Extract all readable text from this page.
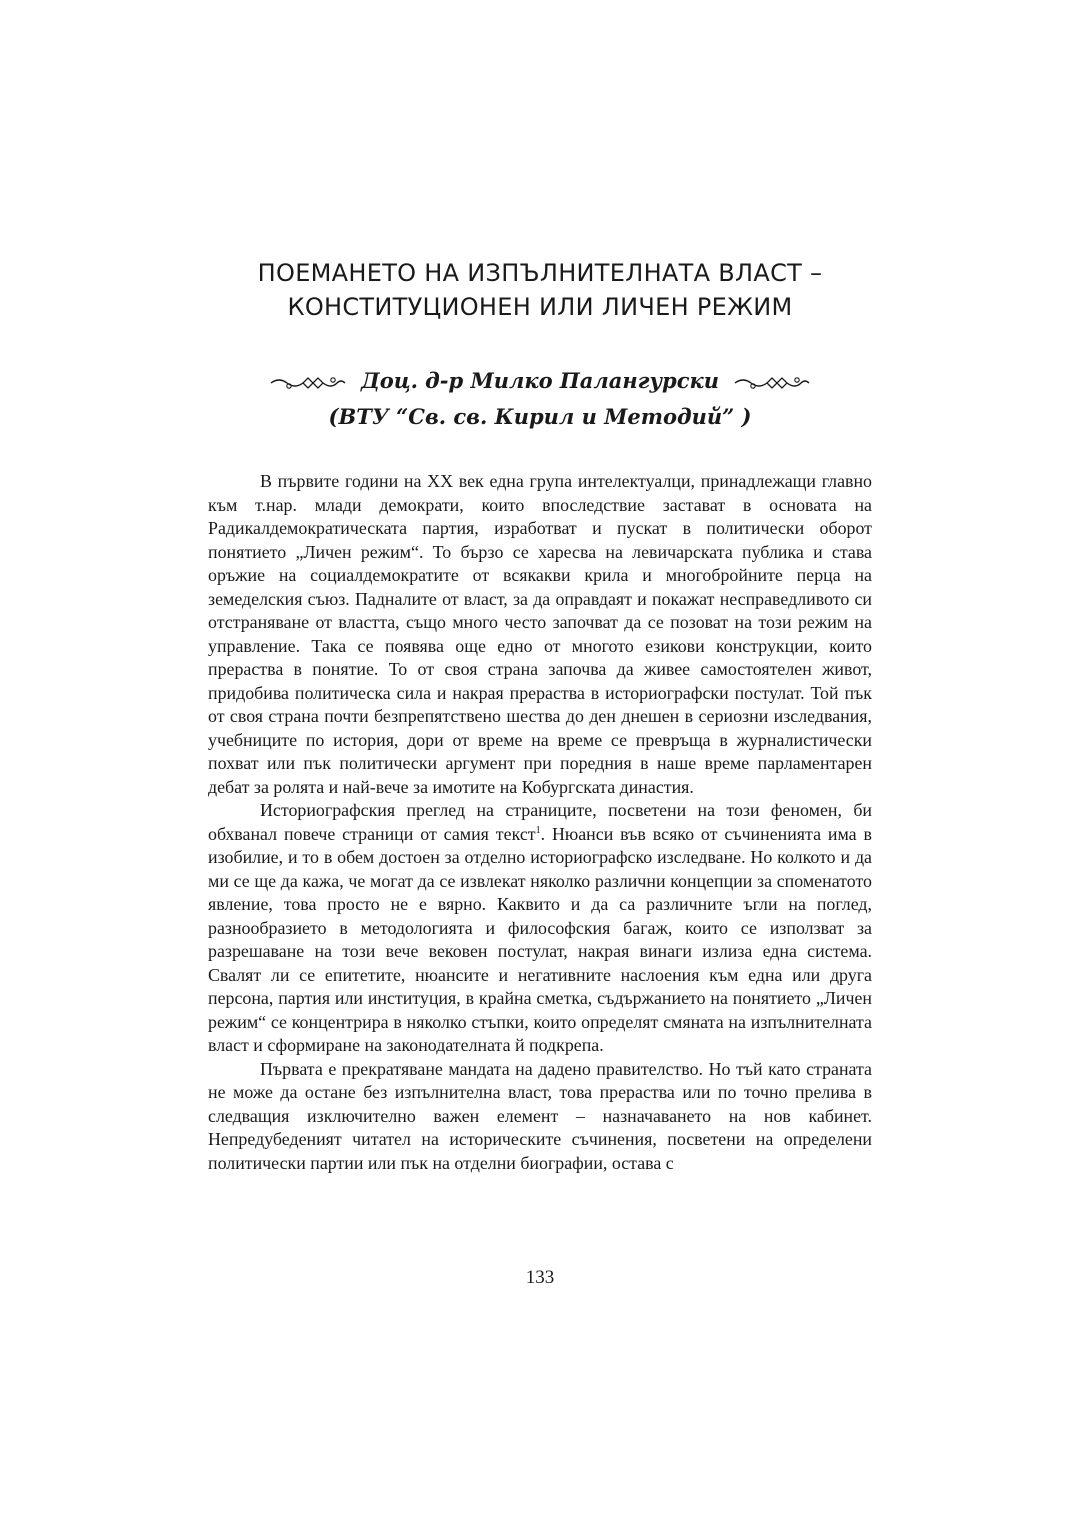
ПОЕМАНЕТО НА ИЗПЪЛНИТЕЛНАТА ВЛАСТ –
КОНСТИТУЦИОНЕН ИЛИ ЛИЧЕН РЕЖИМ
Доц. д-р Милко Палангурски
(ВТУ “Св. св. Кирил и Методий” )

В първите години на XX век една група интелектуалци, принадлежащи главно към т.нар. млади демократи, които впоследствие застават в основата на Радикалдемократическата партия, изработват и пускат в политически оборот понятието „Личен режим“. То бързо се харесва на левичарската публика и става оръжие на социалдемократите от всякакви крила и многобройните перца на земеделския съюз. Падналите от власт, за да оправдаят и покажат несправедливото си отстраняване от властта, също много често започват да се позоват на този режим на управление. Така се появява още едно от многото езикови конструкции, които прераства в понятие. То от своя страна започва да живее самостоятелен живот, придобива политическа сила и накрая прераства в историографски постулат. Той пък от своя страна почти безпрепятствено шества до ден днешен в сериозни изследвания, учебниците по история, дори от време на време се превръща в журналистически похват или пък политически аргумент при поредния в наше време парламентарен дебат за ролята и най-вече за имотите на Кобургската династия.

Историографския преглед на страниците, посветени на този феномен, би обхванал повече страници от самия текст$^1$. Нюанси във всяко от съчиненията има в изобилие, и то в обем достоен за отделно историографско изследване. Но колкото и да ми се ще да кажа, че могат да се извлекат няколко различни концепции за споменатото явление, това просто не е вярно. Каквито и да са различните ъгли на поглед, разнообразието в методологията и философския багаж, които се използват за разрешаване на този вече вековен постулат, накрая винаги излиза една система. Свалят ли се епитетите, нюансите и негативните наслоения към една или друга персона, партия или институция, в крайна сметка, съдържанието на понятието „Личен режим“ се концентрира в няколко стъпки, които определят смяната на изпълнителната власт и сформиране на законодателната й подкрепа.

Първата е прекратяване мандата на дадено правителство. Но тъй като страната не може да остане без изпълнителна власт, това прераства или по точно прелива в следващия изключително важен елемент – назначаването на нов кабинет. Непредубеденият читател на историческите съчинения, посветени на определени политически партии или пък на отделни биографии, остава с

133
